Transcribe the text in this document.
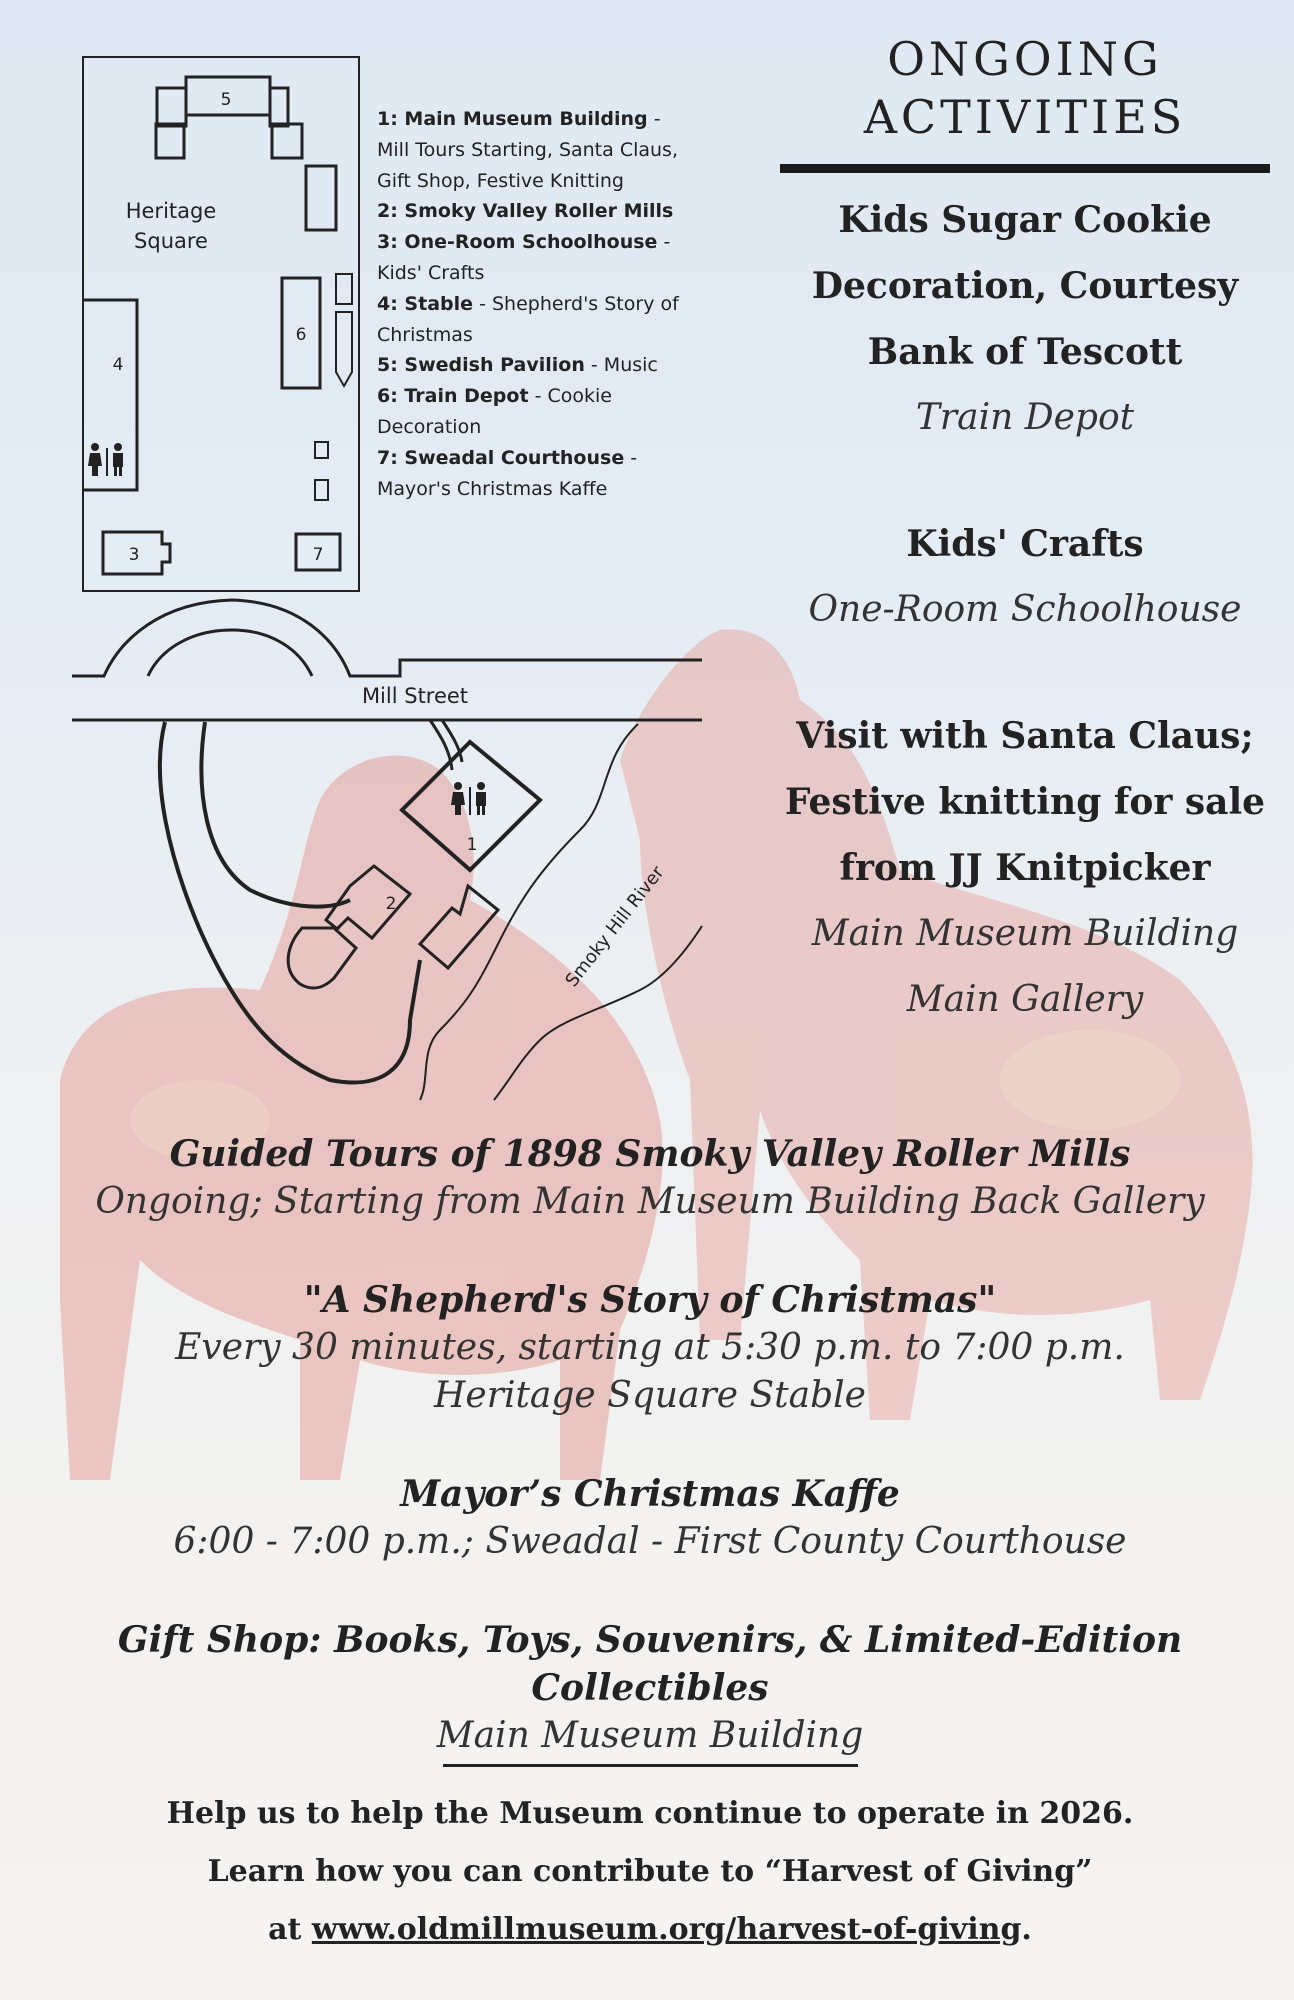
5
Heritage
Square
6
4
3	7
Mill Street
1
2	Smoky Hill River
1: Main Museum Building -
Mill Tours Starting, Santa Claus,
Gift Shop, Festive Knitting
2: Smoky Valley Roller Mills
3: One-Room Schoolhouse -
Kids' Crafts
4: Stable - Shepherd's Story of
Christmas
5: Swedish Pavilion - Music
6: Train Depot - Cookie
Decoration
7: Sweadal Courthouse -
Mayor's Christmas Kaffe
ONGOING
ACTIVITIES
Kids Sugar Cookie
Decoration, Courtesy
Bank of Tescott
Train Depot
Kids' Crafts
One-Room Schoolhouse
Visit with Santa Claus;
Festive knitting for sale
from JJ Knitpicker
Main Museum Building
Main Gallery
Guided Tours of 1898 Smoky Valley Roller Mills
Ongoing; Starting from Main Museum Building Back Gallery
"A Shepherd's Story of Christmas"
Every 30 minutes, starting at 5:30 p.m. to 7:00 p.m.
Heritage Square Stable
Mayor’s Christmas Kaffe
6:00 - 7:00 p.m.; Sweadal - First County Courthouse
Gift Shop: Books, Toys, Souvenirs, & Limited-Edition
Collectibles
Main Museum Building
Help us to help the Museum continue to operate in 2026.
Learn how you can contribute to “Harvest of Giving”
at www.oldmillmuseum.org/harvest-of-giving.
